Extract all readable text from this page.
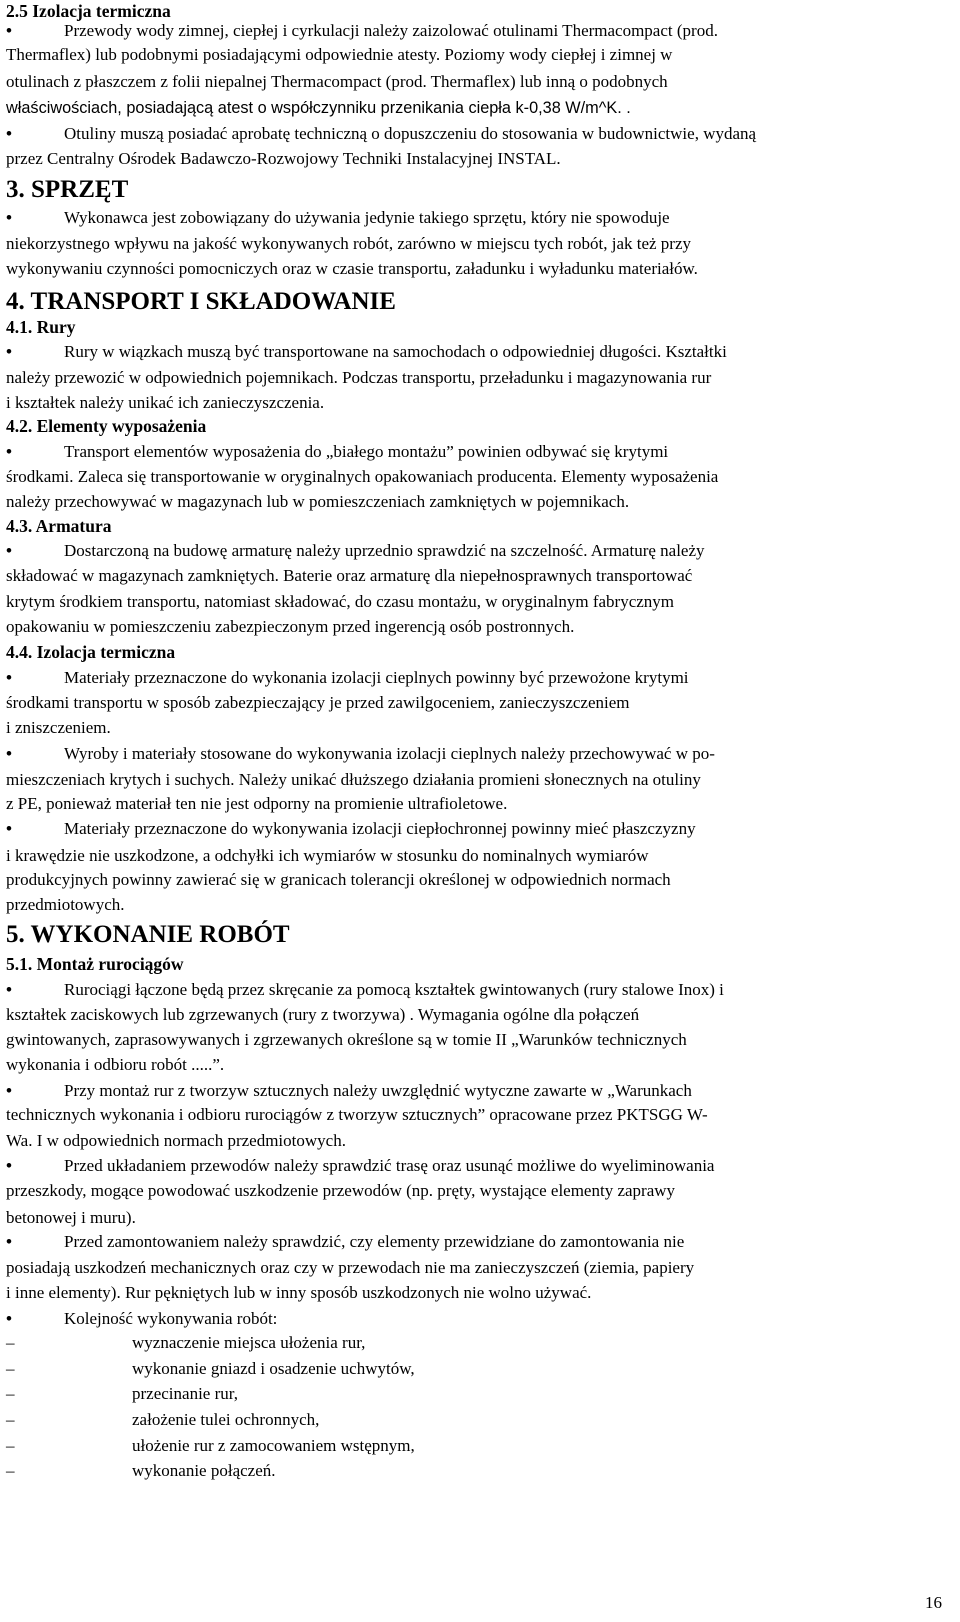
2.5 Izolacja termiczna
•	Przewody wody zimnej, ciepłej i cyrkulacji należy zaizolować otulinami Thermacompact (prod.
Thermaflex) lub podobnymi posiadającymi odpowiednie atesty. Poziomy wody ciepłej i zimnej w
otulinach z płaszczem z folii niepalnej Thermacompact (prod. Thermaflex) lub inną o podobnych
właściwościach, posiadającą atest o współczynniku przenikania ciepła k-0,38 W/m^K. .
•	Otuliny muszą posiadać aprobatę techniczną o dopuszczeniu do stosowania w budownictwie, wydaną
przez Centralny Ośrodek Badawczo-Rozwojowy Techniki Instalacyjnej INSTAL.
3. SPRZĘT
•	Wykonawca jest zobowiązany do używania jedynie takiego sprzętu, który nie spowoduje
niekorzystnego wpływu na jakość wykonywanych robót, zarówno w miejscu tych robót, jak też przy
wykonywaniu czynności pomocniczych oraz w czasie transportu, załadunku i wyładunku materiałów.
4. TRANSPORT I SKŁADOWANIE
4.1. Rury
•	Rury w wiązkach muszą być transportowane na samochodach o odpowiedniej długości. Kształtki
należy przewozić w odpowiednich pojemnikach. Podczas transportu, przeładunku i magazynowania rur
i kształtek należy unikać ich zanieczyszczenia.
4.2. Elementy wyposażenia
•	Transport elementów wyposażenia do „białego montażu” powinien odbywać się krytymi
środkami. Zaleca się transportowanie w oryginalnych opakowaniach producenta. Elementy wyposażenia
należy przechowywać w magazynach lub w pomieszczeniach zamkniętych w pojemnikach.
4.3. Armatura
•	Dostarczoną na budowę armaturę należy uprzednio sprawdzić na szczelność. Armaturę należy
składować w magazynach zamkniętych. Baterie oraz armaturę dla niepełnosprawnych transportować
krytym środkiem transportu, natomiast składować, do czasu montażu, w oryginalnym fabrycznym
opakowaniu w pomieszczeniu zabezpieczonym przed ingerencją osób postronnych.
4.4. Izolacja termiczna
•	Materiały przeznaczone do wykonania izolacji cieplnych powinny być przewożone krytymi
środkami transportu w sposób zabezpieczający je przed zawilgoceniem, zanieczyszczeniem
i zniszczeniem.
•	Wyroby i materiały stosowane do wykonywania izolacji cieplnych należy przechowywać w po-
mieszczeniach krytych i suchych. Należy unikać dłuższego działania promieni słonecznych na otuliny
z PE, ponieważ materiał ten nie jest odporny na promienie ultrafioletowe.
•	Materiały przeznaczone do wykonywania izolacji ciepłochronnej powinny mieć płaszczyzny
i krawędzie nie uszkodzone, a odchyłki ich wymiarów w stosunku do nominalnych wymiarów
produkcyjnych powinny zawierać się w granicach tolerancji określonej w odpowiednich normach
przedmiotowych.
5. WYKONANIE ROBÓT
5.1. Montaż rurociągów
•	Rurociągi łączone będą przez skręcanie za pomocą kształtek gwintowanych (rury stalowe Inox) i
kształtek zaciskowych lub zgrzewanych (rury z tworzywa) . Wymagania ogólne dla połączeń
gwintowanych, zaprasowywanych i zgrzewanych określone są w tomie II „Warunków technicznych
wykonania i odbioru robót .....”.
•	Przy montaż rur z tworzyw sztucznych należy uwzględnić wytyczne zawarte w „Warunkach
technicznych wykonania i odbioru rurociągów z tworzyw sztucznych” opracowane przez PKTSGG W-
Wa. I w odpowiednich normach przedmiotowych.
•	Przed układaniem przewodów należy sprawdzić trasę oraz usunąć możliwe do wyeliminowania
przeszkody, mogące powodować uszkodzenie przewodów (np. pręty, wystające elementy zaprawy
betonowej i muru).
•	Przed zamontowaniem należy sprawdzić, czy elementy przewidziane do zamontowania nie
posiadają uszkodzeń mechanicznych oraz czy w przewodach nie ma zanieczyszczeń (ziemia, papiery
i inne elementy). Rur pękniętych lub w inny sposób uszkodzonych nie wolno używać.
•	Kolejność wykonywania robót:
–	wyznaczenie miejsca ułożenia rur,
–	wykonanie gniazd i osadzenie uchwytów,
–	przecinanie rur,
–	założenie tulei ochronnych,
–	ułożenie rur z zamocowaniem wstępnym,
–	wykonanie połączeń.
16
